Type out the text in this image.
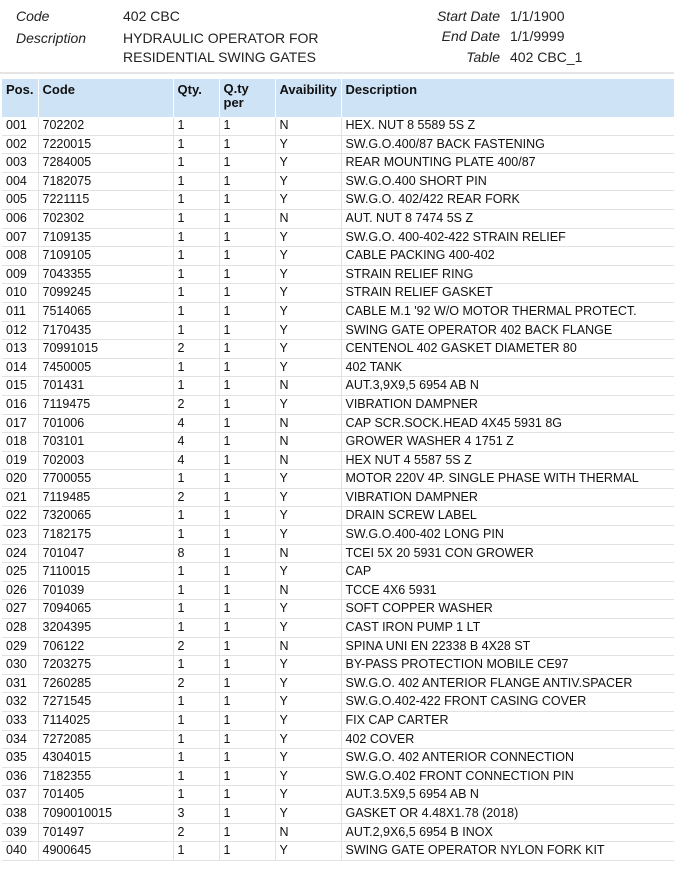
Code	402 CBC
Description	HYDRAULIC OPERATOR FOR
RESIDENTIAL SWING GATES
Start Date 1/1/1900
End Date 1/1/9999
Table 402 CBC_1
Pos.	Code	Qty.	Q.ty per	Avaibility	Description
001	702202	1	1	N	HEX. NUT 8 5589 5S Z
002	7220015	1	1	Y	SW.G.O.400/87 BACK FASTENING
003	7284005	1	1	Y	REAR MOUNTING PLATE 400/87
004	7182075	1	1	Y	SW.G.O.400 SHORT PIN
005	7221115	1	1	Y	SW.G.O. 402/422 REAR FORK
006	702302	1	1	N	AUT. NUT 8 7474 5S Z
007	7109135	1	1	Y	SW.G.O. 400-402-422 STRAIN RELIEF
008	7109105	1	1	Y	CABLE PACKING 400-402
009	7043355	1	1	Y	STRAIN RELIEF RING
010	7099245	1	1	Y	STRAIN RELIEF GASKET
011	7514065	1	1	Y	CABLE M.1 '92 W/O MOTOR THERMAL PROTECT.
012	7170435	1	1	Y	SWING GATE OPERATOR 402 BACK FLANGE
013	70991015	2	1	Y	CENTENOL 402 GASKET DIAMETER 80
014	7450005	1	1	Y	402 TANK
015	701431	1	1	N	AUT.3,9X9,5 6954 AB N
016	7119475	2	1	Y	VIBRATION DAMPNER
017	701006	4	1	N	CAP SCR.SOCK.HEAD 4X45 5931 8G
018	703101	4	1	N	GROWER WASHER 4 1751 Z
019	702003	4	1	N	HEX NUT 4 5587 5S Z
020	7700055	1	1	Y	MOTOR 220V 4P. SINGLE PHASE WITH THERMAL
021	7119485	2	1	Y	VIBRATION DAMPNER
022	7320065	1	1	Y	DRAIN SCREW LABEL
023	7182175	1	1	Y	SW.G.O.400-402 LONG PIN
024	701047	8	1	N	TCEI 5X 20 5931 CON GROWER
025	7110015	1	1	Y	CAP
026	701039	1	1	N	TCCE 4X6 5931
027	7094065	1	1	Y	SOFT COPPER WASHER
028	3204395	1	1	Y	CAST IRON PUMP 1 LT
029	706122	2	1	N	SPINA UNI EN 22338 B 4X28 ST
030	7203275	1	1	Y	BY-PASS PROTECTION MOBILE CE97
031	7260285	2	1	Y	SW.G.O. 402 ANTERIOR FLANGE ANTIV.SPACER
032	7271545	1	1	Y	SW.G.O.402-422 FRONT CASING COVER
033	7114025	1	1	Y	FIX CAP CARTER
034	7272085	1	1	Y	402 COVER
035	4304015	1	1	Y	SW.G.O. 402 ANTERIOR CONNECTION
036	7182355	1	1	Y	SW.G.O.402 FRONT CONNECTION PIN
037	701405	1	1	Y	AUT.3.5X9,5 6954 AB N
038	7090010015	3	1	Y	GASKET OR 4.48X1.78 (2018)
039	701497	2	1	N	AUT.2,9X6,5 6954 B INOX
040	4900645	1	1	Y	SWING GATE OPERATOR NYLON FORK KIT
